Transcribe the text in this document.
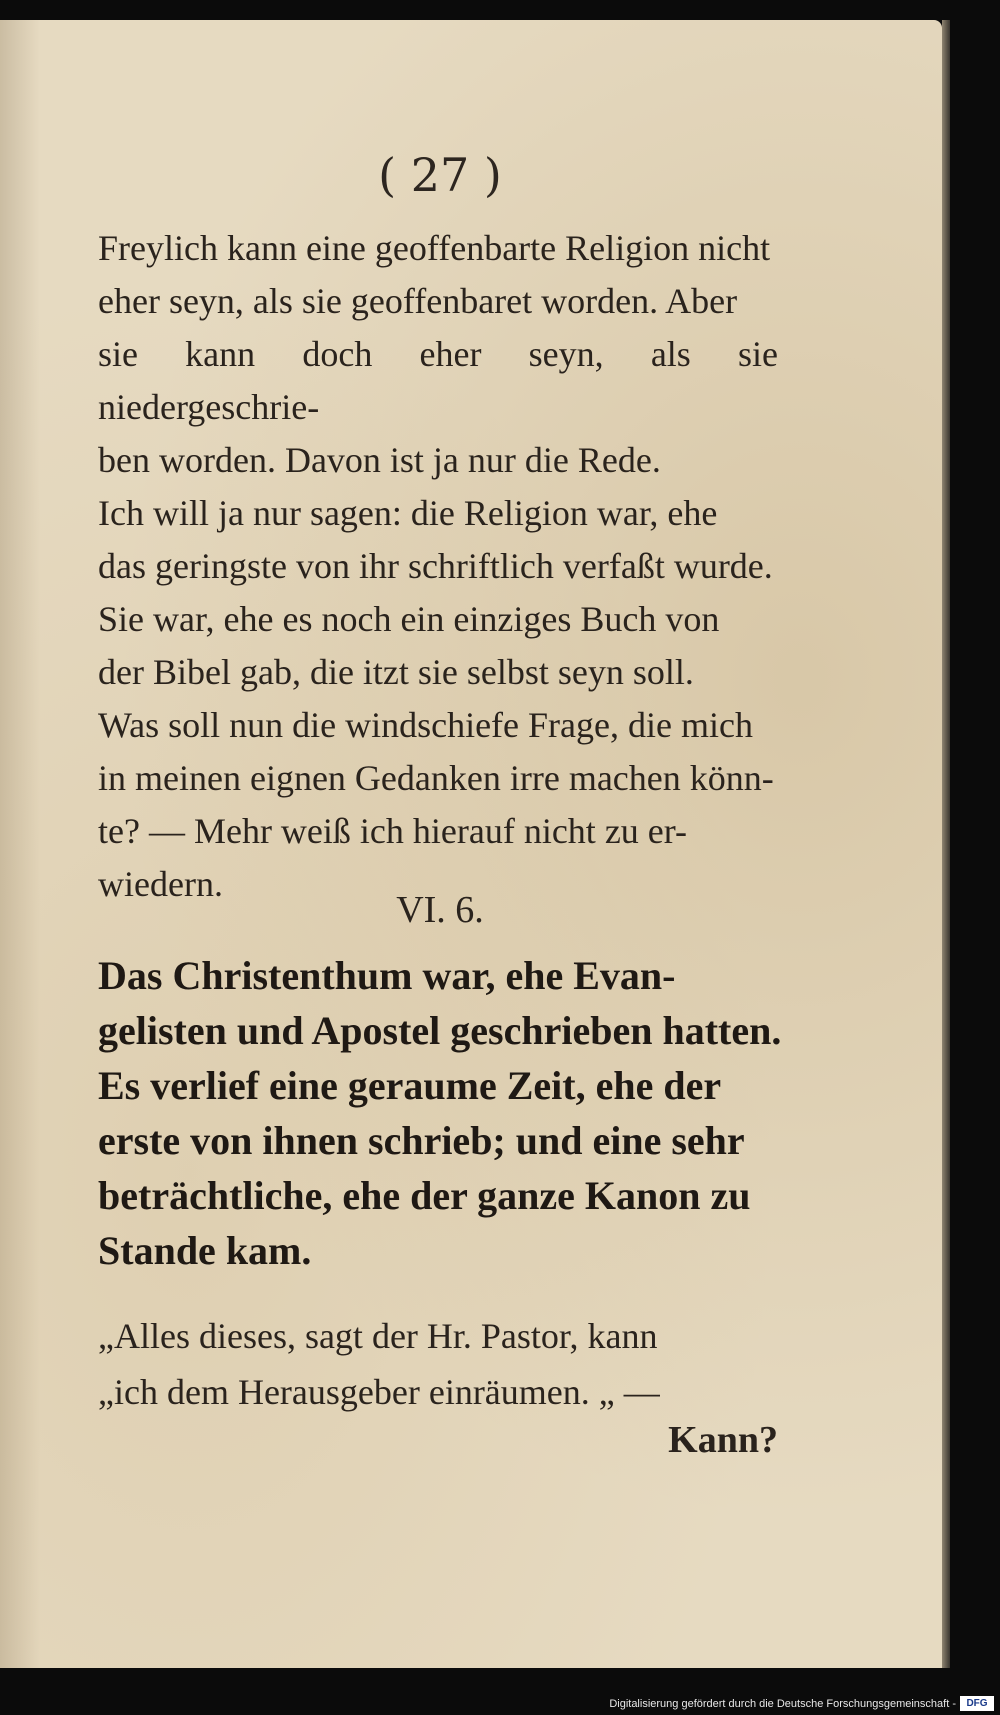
( 27 )

Freylich kann eine geoffenbarte Religion nicht
eher seyn, als sie geoffenbaret worden. Aber
sie kann doch eher seyn, als sie niedergeschrie-
ben worden. Davon ist ja nur die Rede.
Ich will ja nur sagen: die Religion war, ehe
das geringste von ihr schriftlich verfaßt wurde.
Sie war, ehe es noch ein einziges Buch von
der Bibel gab, die itzt sie selbst seyn soll.
Was soll nun die windschiefe Frage, die mich
in meinen eignen Gedanken irre machen könn-
te? — Mehr weiß ich hierauf nicht zu er-
wiedern.

VI. 6.

Das Christenthum war, ehe Evan-
gelisten und Apostel geschrieben hatten.
Es verlief eine geraume Zeit, ehe der
erste von ihnen schrieb; und eine sehr
beträchtliche, ehe der ganze Kanon zu
Stande kam.

„Alles dieses, sagt der Hr. Pastor, kann
„ich dem Herausgeber einräumen. „ —

Kann?
Digitalisierung gefördert durch die Deutsche Forschungsgemeinschaft -	DFG
